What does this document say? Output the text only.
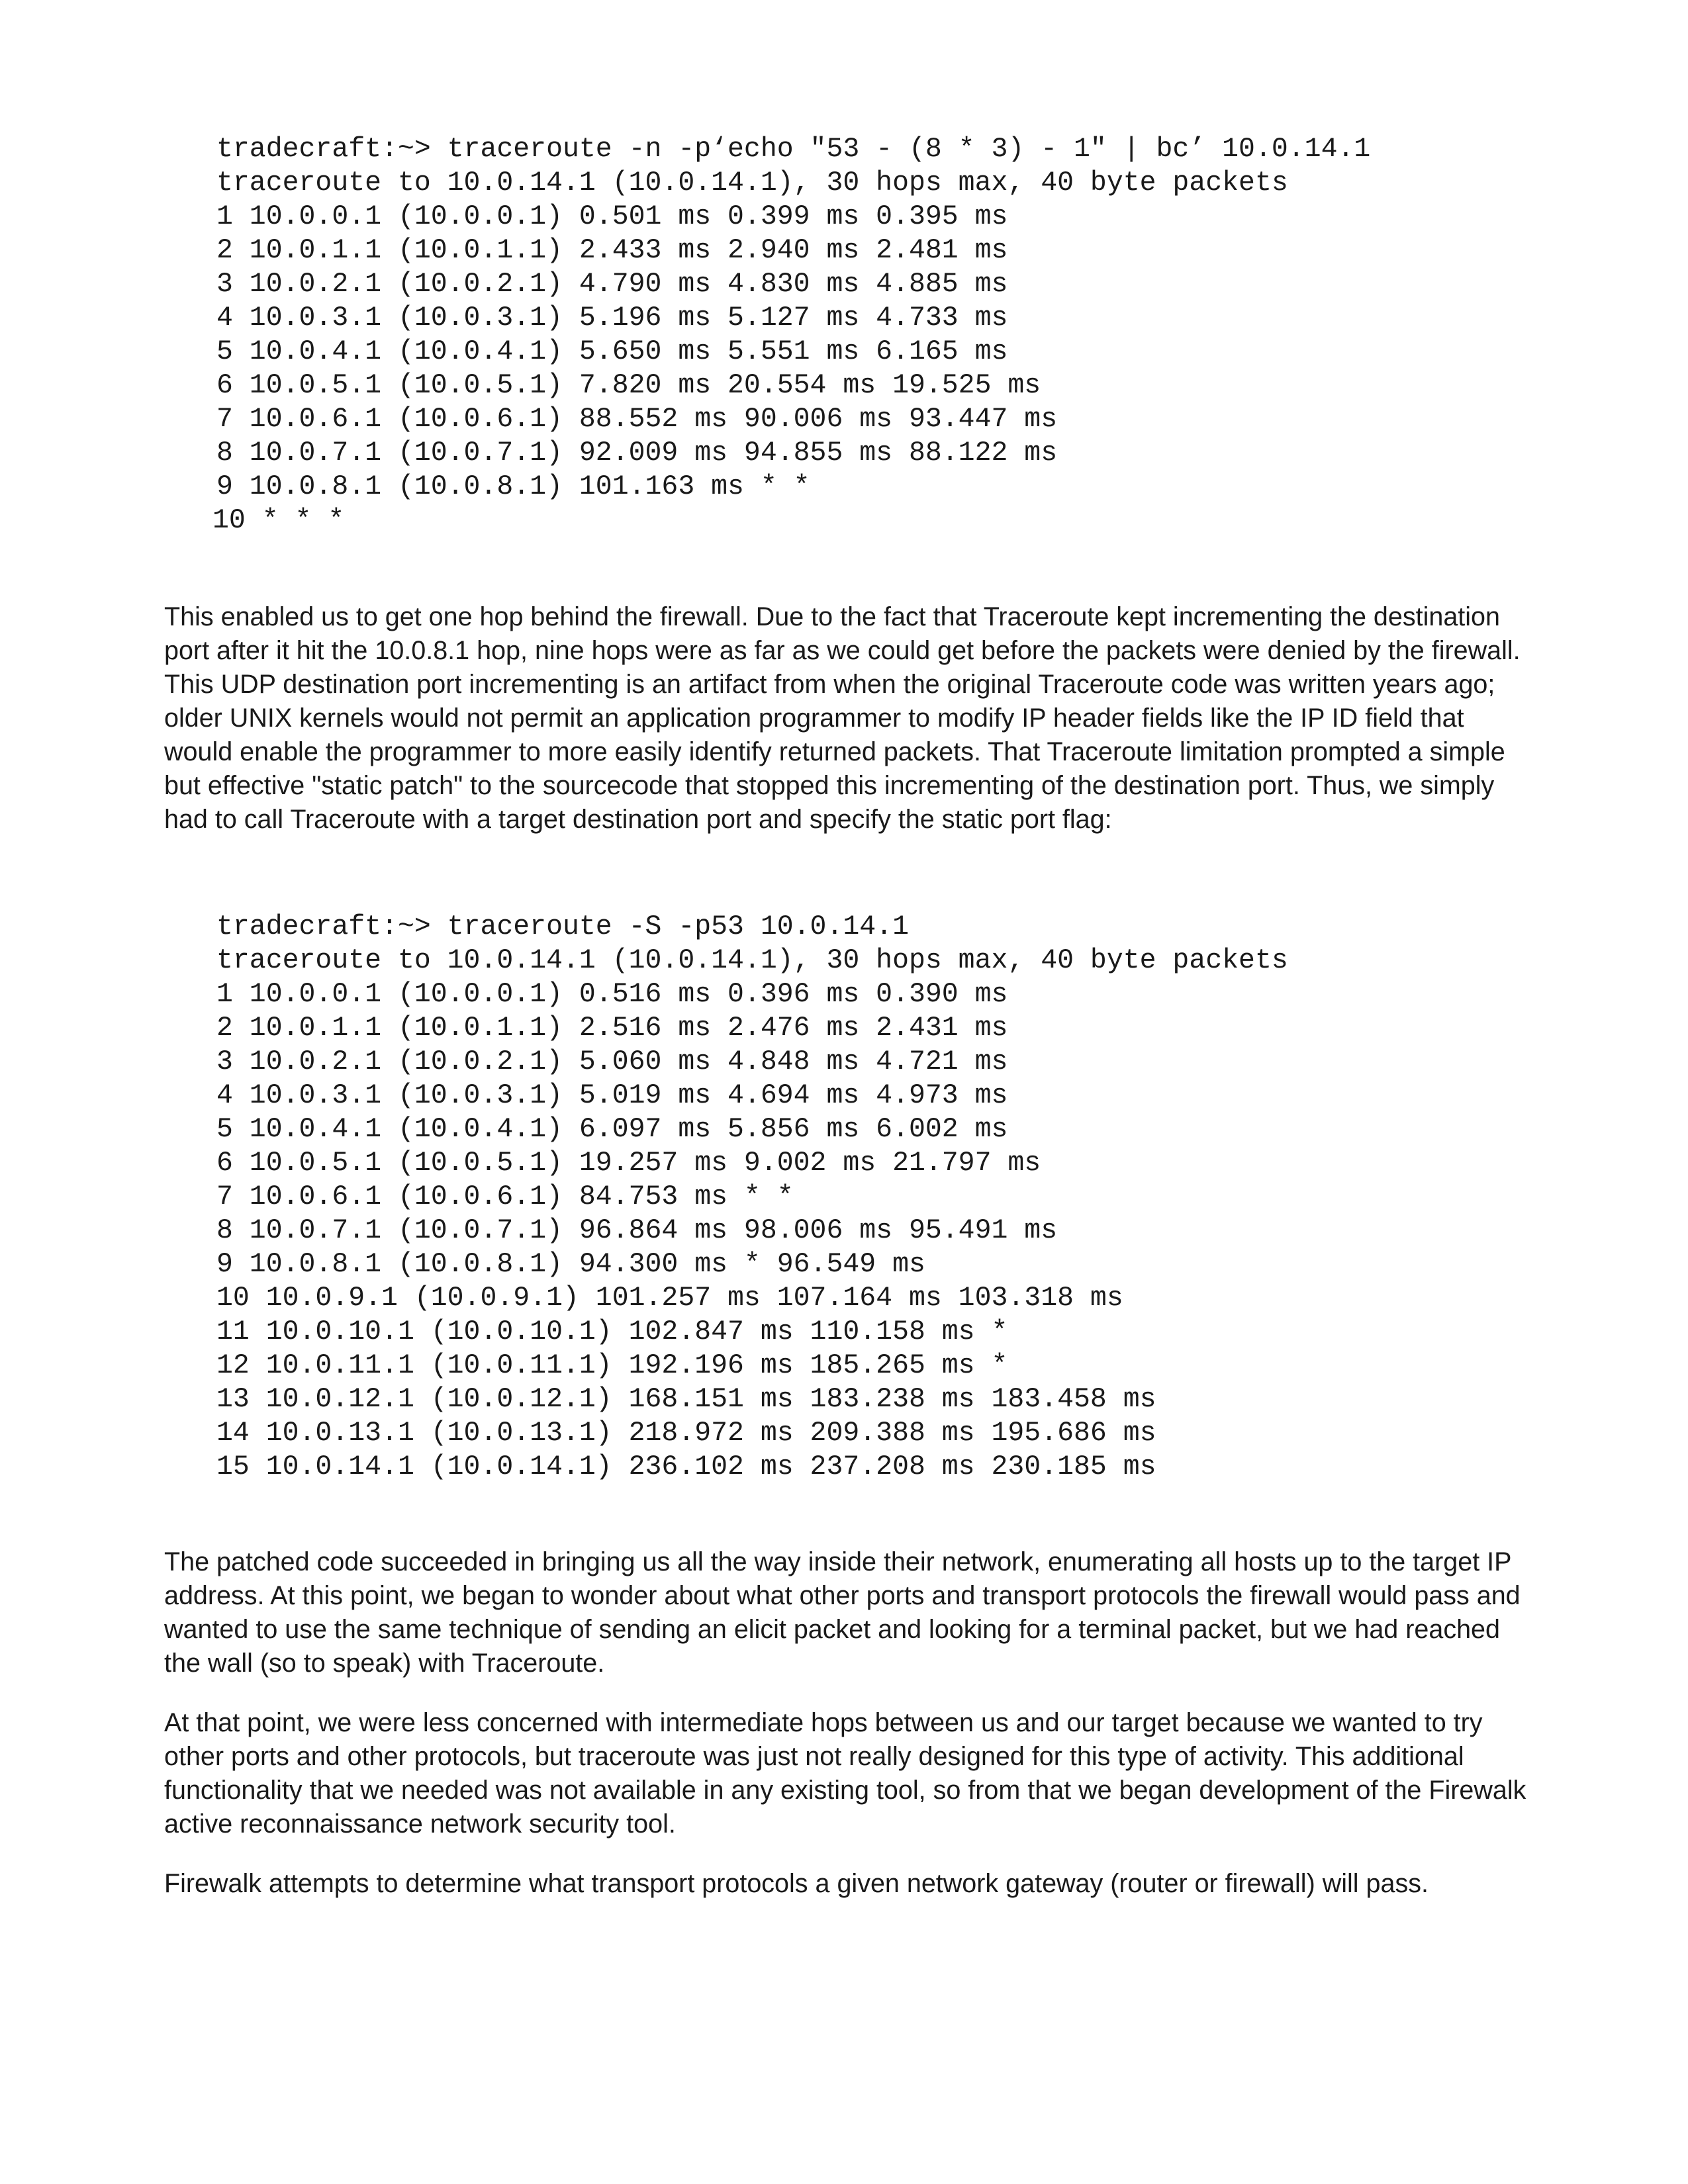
tradecraft:~> traceroute -n -p‘echo "53 - (8 * 3) - 1" | bc’ 10.0.14.1
traceroute to 10.0.14.1 (10.0.14.1), 30 hops max, 40 byte packets
1 10.0.0.1 (10.0.0.1) 0.501 ms 0.399 ms 0.395 ms
2 10.0.1.1 (10.0.1.1) 2.433 ms 2.940 ms 2.481 ms
3 10.0.2.1 (10.0.2.1) 4.790 ms 4.830 ms 4.885 ms
4 10.0.3.1 (10.0.3.1) 5.196 ms 5.127 ms 4.733 ms
5 10.0.4.1 (10.0.4.1) 5.650 ms 5.551 ms 6.165 ms
6 10.0.5.1 (10.0.5.1) 7.820 ms 20.554 ms 19.525 ms
7 10.0.6.1 (10.0.6.1) 88.552 ms 90.006 ms 93.447 ms
8 10.0.7.1 (10.0.7.1) 92.009 ms 94.855 ms 88.122 ms
9 10.0.8.1 (10.0.8.1) 101.163 ms * *
10 * * *

This enabled us to get one hop behind the firewall. Due to the fact that Traceroute kept incrementing the destination port after it hit the 10.0.8.1 hop, nine hops were as far as we could get before the packets were denied by the firewall. This UDP destination port incrementing is an artifact from when the original Traceroute code was written years ago; older UNIX kernels would not permit an application programmer to modify IP header fields like the IP ID field that would enable the programmer to more easily identify returned packets. That Traceroute limitation prompted a simple but effective "static patch" to the sourcecode that stopped this incrementing of the destination port. Thus, we simply had to call Traceroute with a target destination port and specify the static port flag:

tradecraft:~> traceroute -S -p53 10.0.14.1
traceroute to 10.0.14.1 (10.0.14.1), 30 hops max, 40 byte packets
1 10.0.0.1 (10.0.0.1) 0.516 ms 0.396 ms 0.390 ms
2 10.0.1.1 (10.0.1.1) 2.516 ms 2.476 ms 2.431 ms
3 10.0.2.1 (10.0.2.1) 5.060 ms 4.848 ms 4.721 ms
4 10.0.3.1 (10.0.3.1) 5.019 ms 4.694 ms 4.973 ms
5 10.0.4.1 (10.0.4.1) 6.097 ms 5.856 ms 6.002 ms
6 10.0.5.1 (10.0.5.1) 19.257 ms 9.002 ms 21.797 ms
7 10.0.6.1 (10.0.6.1) 84.753 ms * *
8 10.0.7.1 (10.0.7.1) 96.864 ms 98.006 ms 95.491 ms
9 10.0.8.1 (10.0.8.1) 94.300 ms * 96.549 ms
10 10.0.9.1 (10.0.9.1) 101.257 ms 107.164 ms 103.318 ms
11 10.0.10.1 (10.0.10.1) 102.847 ms 110.158 ms *
12 10.0.11.1 (10.0.11.1) 192.196 ms 185.265 ms *
13 10.0.12.1 (10.0.12.1) 168.151 ms 183.238 ms 183.458 ms
14 10.0.13.1 (10.0.13.1) 218.972 ms 209.388 ms 195.686 ms
15 10.0.14.1 (10.0.14.1) 236.102 ms 237.208 ms 230.185 ms

The patched code succeeded in bringing us all the way inside their network, enumerating all hosts up to the target IP address. At this point, we began to wonder about what other ports and transport protocols the firewall would pass and wanted to use the same technique of sending an elicit packet and looking for a terminal packet, but we had reached the wall (so to speak) with Traceroute.

At that point, we were less concerned with intermediate hops between us and our target because we wanted to try other ports and other protocols, but traceroute was just not really designed for this type of activity. This additional functionality that we needed was not available in any existing tool, so from that we began development of the Firewalk active reconnaissance network security tool.

Firewalk attempts to determine what transport protocols a given network gateway (router or firewall) will pass.
